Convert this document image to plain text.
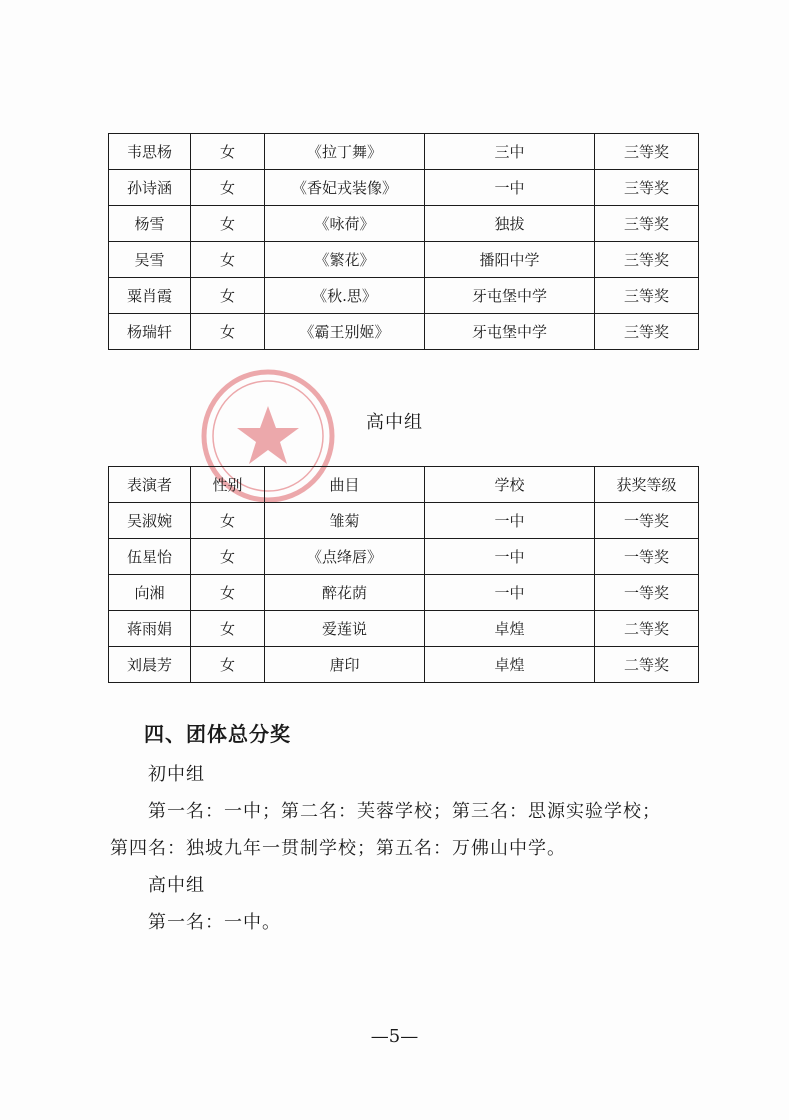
韦思杨	女	《拉丁舞》	三中	三等奖
孙诗涵	女	《香妃戎装像》	一中	三等奖
杨雪	女	《咏荷》	独拔	三等奖
吴雪	女	《繁花》	播阳中学	三等奖
粟肖霞	女	《秋.思》	牙屯堡中学	三等奖
杨瑞轩	女	《霸王别姬》	牙屯堡中学	三等奖
高中组
表演者	性别	曲目	学校	获奖等级
吴淑婉	女	雏菊	一中	一等奖
伍星怡	女	《点绛唇》	一中	一等奖
向湘	女	醉花荫	一中	一等奖
蒋雨娟	女	爱莲说	卓煌	二等奖
刘晨芳	女	唐印	卓煌	二等奖
四、团体总分奖
初中组
第一名：一中；第二名：芙蓉学校；第三名：思源实验学校；
第四名：独坡九年一贯制学校；第五名：万佛山中学。
高中组
第一名：一中。
—5—
